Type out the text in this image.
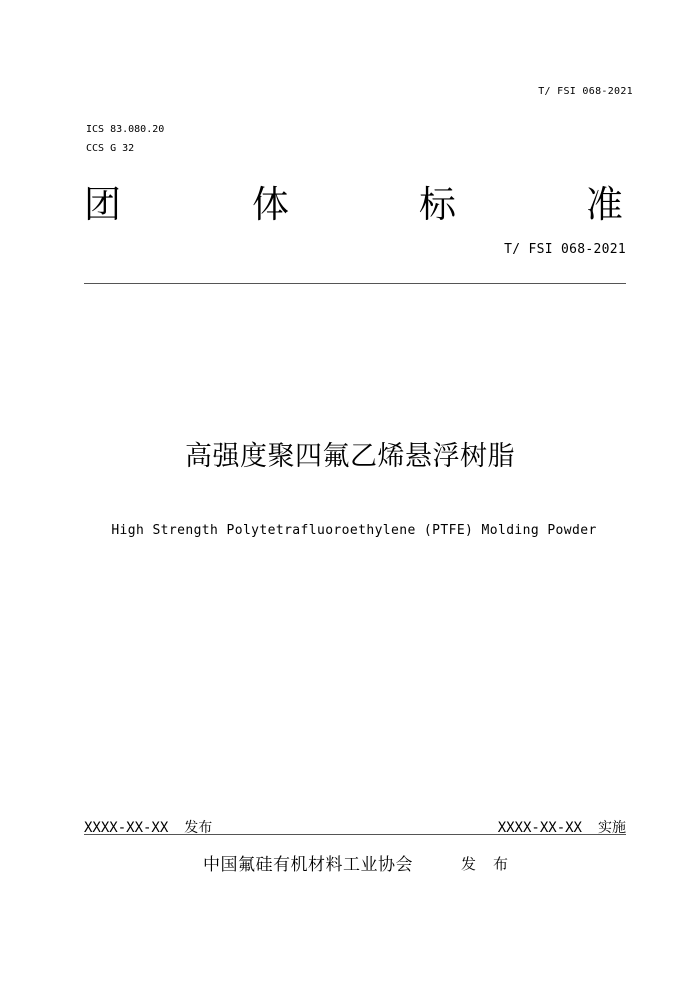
T/ FSI 068-2021
ICS 83.080.20
CCS G 32
团	体	标	准
T/ FSI 068-2021
高强度聚四氟乙烯悬浮树脂
High Strength Polytetrafluoroethylene (PTFE) Molding Powder
XXXX-XX-XX 发布	XXXX-XX-XX 实施
中国氟硅有机材料工业协会	发 布
